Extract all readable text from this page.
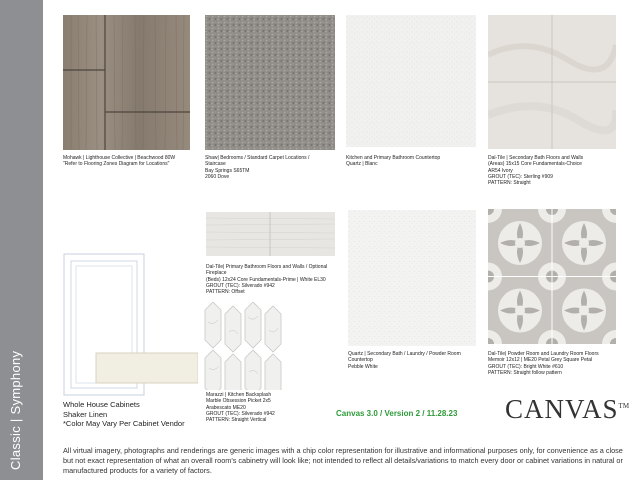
Classic | Symphony
Mohawk | Lighthouse Collective | Beachwood 80W
"Refer to Flooring Zones Diagram for Locations"
Shaw| Bedrooms / Standard Carpet Locations /
Staircase
Bay Springs S65TM
2060 Dove
Kitchen and Primary Bathroom Countertop
Quartz | Blanc
Dal-Tile | Secondary Bath Floors and Walls
(Areas) 15x15 Core Fundamentals-Choice
AR54 Ivory
GROUT (TEC): Sterling #909
PATTERN: Straight
Whole House Cabinets
Shaker Linen
*Color May Vary Per Cabinet Vendor
Dal-Tile| Primary Bathroom Floors and Walls / Optional
Fireplace
(Beds) 12x24 Core Fundamentals-Prime | White EL30
GROUT (TEC): Silverado #942
PATTERN: Offset
Marazzi | Kitchen Backsplash
Marble Obsession Picket 2x5
Arabescato ME20
GROUT (TEC): Silverado #942
PATTERN: Straight Vertical
Quartz | Secondary Bath / Laundry / Powder Room
Countertop
Pebble White
Dal-Tile| Powder Room and Laundry Room Floors
Memoir 12x12 | ME20 Petal Grey Square Petal
GROUT (TEC): Bright White #610
PATTERN: Straight follow pattern
Canvas 3.0 / Version 2 / 11.28.23 CANVAS™
All virtual imagery, photographs and renderings are generic images with a chip color representation for illustrative and informational purposes only, for convenience as a close but not exact representation of what an overall room's cabinetry will look like; not intended to reflect all details/variations to match every door or cabinet variations in natural or manufactured products for a variety of factors.
